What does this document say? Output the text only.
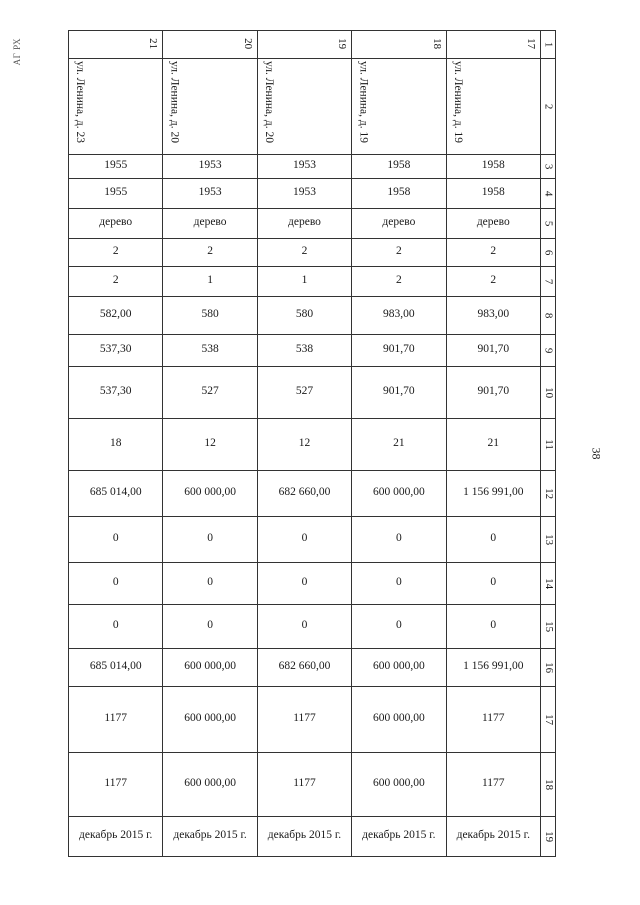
АГ РХ
38
21	20	19	18	17	1
ул. Ленина, д. 23	ул. Ленина, д. 20	ул. Ленина, д. 20	ул. Ленина, д. 19	ул. Ленина, д. 19	2
1955	1953	1953	1958	1958	3
1955	1953	1953	1958	1958	4
дерево	дерево	дерево	дерево	дерево	5
2	2	2	2	2	6
2	1	1	2	2	7
582,00	580	580	983,00	983,00	8
537,30	538	538	901,70	901,70	9
537,30	527	527	901,70	901,70	10
18	12	12	21	21	11
685 014,00	600 000,00	682 660,00	600 000,00	1 156 991,00	12
0	0	0	0	0	13
0	0	0	0	0	14
0	0	0	0	0	15
685 014,00	600 000,00	682 660,00	600 000,00	1 156 991,00	16
1177	600 000,00	1177	600 000,00	1177	17
1177	600 000,00	1177	600 000,00	1177	18
декабрь 2015 г.	декабрь 2015 г.	декабрь 2015 г.	декабрь 2015 г.	декабрь 2015 г.	19
